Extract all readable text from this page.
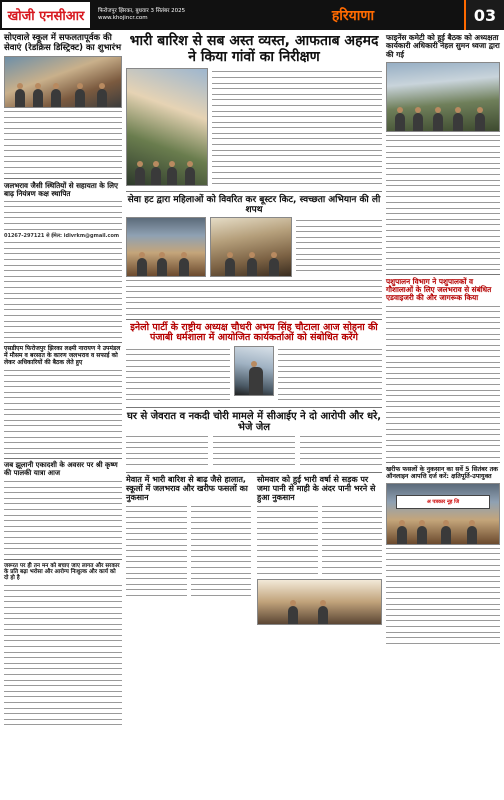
खोजी एनसीआर	फिरोजपुर झिरका, बुधवार 3 सितंबर 2025
www.khojincr.com	हरियाणा	03
सोएवाले स्कूल में सफलतापूर्वक की सेवाएं (रेडक्रिस डिस्ट्रिक्ट) का शुभारंभ
जलभराव जैसी स्थितियों से सहायता के लिए बाढ़ नियंत्रण कक्ष स्थापित
01267-297121 से ईमेल: idivrkm@gmail.com
एसडीएम फिरोजपुर झिरका लक्ष्मी नारायण ने उपमंडल में मौसम व बरसात के कारण जलभराव व सफाई को लेकर अधिकारियों की बैठक लेते हुए
जब झूलानी एकादशी के अवसर पर श्री कृष्ण की पालकी यात्रा आज
जरूरत पर ही तन मन को बचाए जाए लागत और सरकार के प्रति बढ़ा भरोसा और आरोग्य निःशुल्क और कार्य को दो हो है
भारी बारिश से सब अस्त व्यस्त, आफताब अहमद ने किया गांवों का निरीक्षण
सेवा हट द्वारा महिलाओं को विवरित कर बूस्टर किट, स्वच्छता अभियान की ली शपथ
इनेलो पार्टी के राष्ट्रीय अध्यक्ष चौधरी अभय सिंह चौटाला आज सोहना की पंजाबी धर्मशाला में आयोजित कार्यकर्ताओं को संबोधित करेंगे
घर से जेवरात व नकदी चोरी मामले में सीआईए ने दो आरोपी और धरे, भेजे जेल
मेवात में भारी बारिश से बाढ़ जैसे हालात, स्कूलों में जलभराव और खरीफ फसलों का नुकसान
सोमवार को हुई भारी वर्षा से सड़क पर जमा पानी से माही के अंदर पानी भरने से हुआ नुकसान
फाइनेंस कमेटी को हुई बैठक को अध्यक्षता कार्यकारी अधिकारी नेहल सुमन ध्वजा द्वारा की गई
पशुपालन विभाग ने पशुपालकों व गौशालाओं के लिए जलभराव से संबंधित एडवाइजरी की और जागरूक किया
खरीफ फसलों के नुकसान का सर्वे 5 सितंबर तक ऑनलाइन आपत्ति दर्ज करें: क्षतिपूर्ति-उपायुक्त
अ पत्रकार नूह जि
